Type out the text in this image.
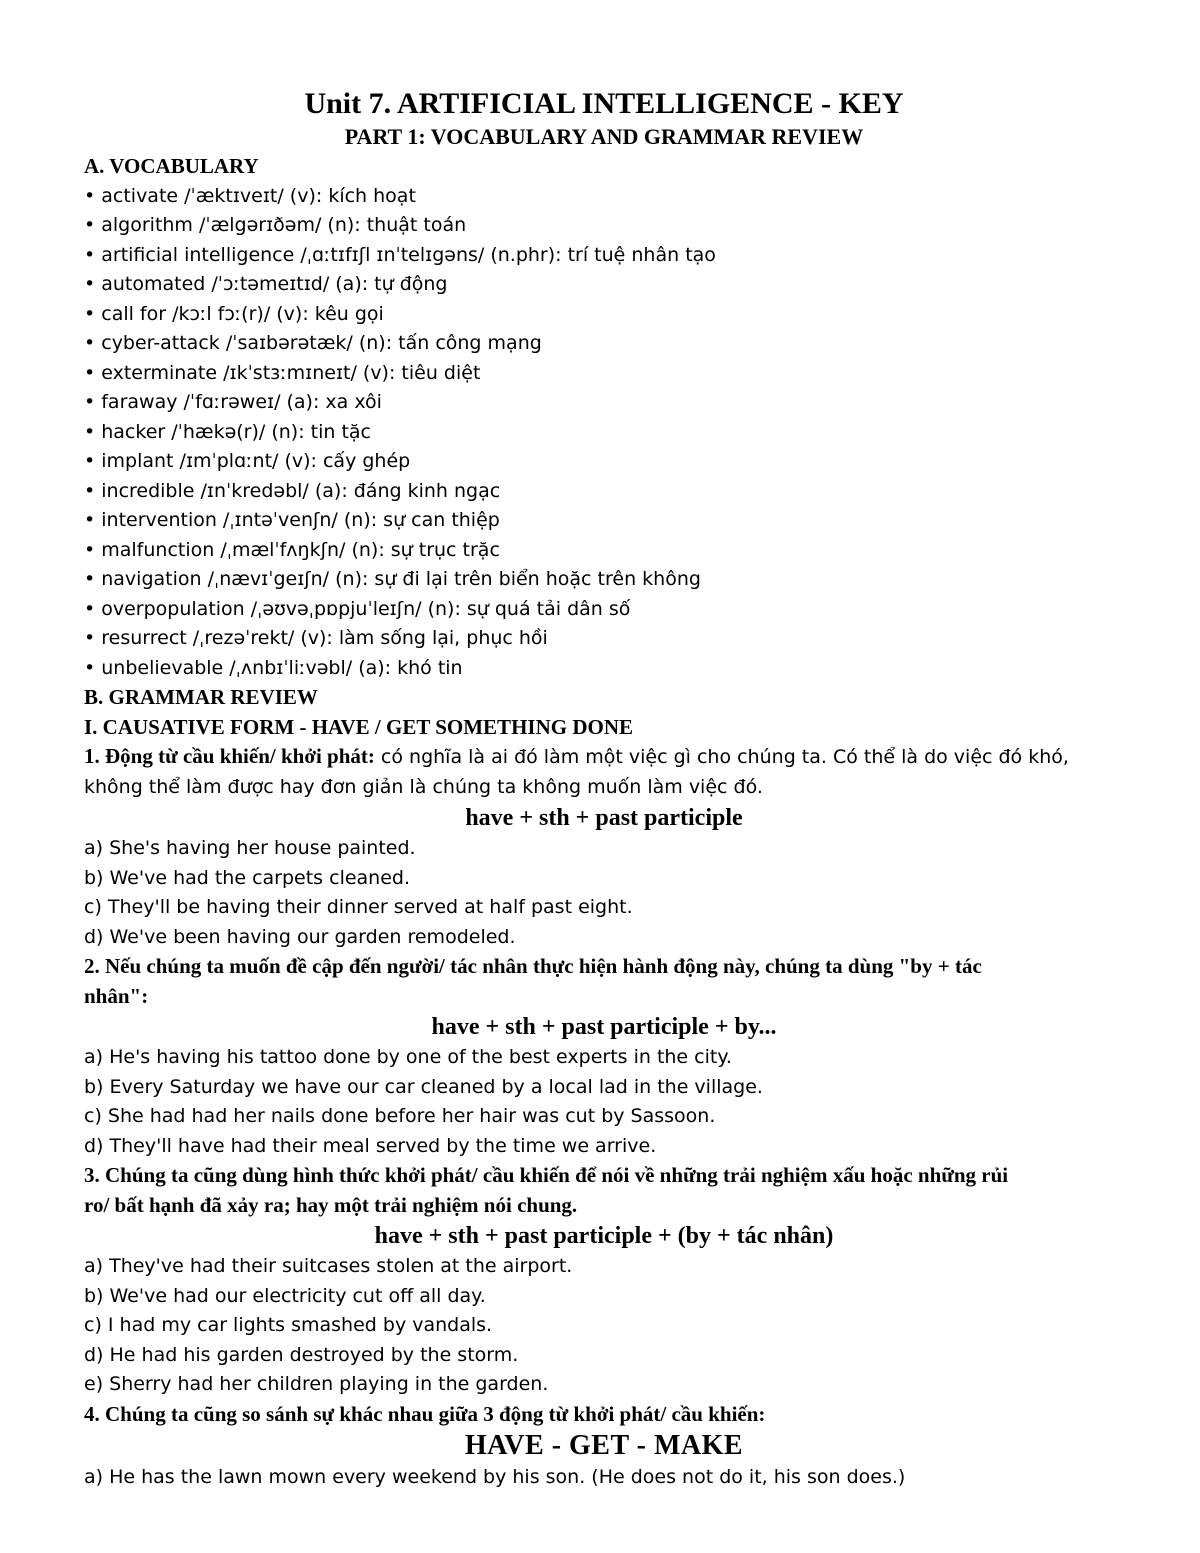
Unit 7. ARTIFICIAL INTELLIGENCE - KEY
PART 1: VOCABULARY AND GRAMMAR REVIEW
A. VOCABULARY
• activate /ˈæktɪveɪt/ (v): kích hoạt
• algorithm /ˈælgərɪðəm/ (n): thuật toán
• artificial intelligence /ˌɑːtɪfɪʃl ɪnˈtelɪgəns/ (n.phr): trí tuệ nhân tạo
• automated /ˈɔːtəmeɪtɪd/ (a): tự động
• call for /kɔːl fɔː(r)/ (v): kêu gọi
• cyber-attack /ˈsaɪbərətæk/ (n): tấn công mạng
• exterminate /ɪkˈstɜːmɪneɪt/ (v): tiêu diệt
• faraway /ˈfɑːrəweɪ/ (a): xa xôi
• hacker /ˈhækə(r)/ (n): tin tặc
• implant /ɪmˈplɑːnt/ (v): cấy ghép
• incredible /ɪnˈkredəbl/ (a): đáng kinh ngạc
• intervention /ˌɪntəˈvenʃn/ (n): sự can thiệp
• malfunction /ˌmælˈfʌŋkʃn/ (n): sự trục trặc
• navigation /ˌnævɪˈgeɪʃn/ (n): sự đi lại trên biển hoặc trên không
• overpopulation /ˌəʊvəˌpɒpjuˈleɪʃn/ (n): sự quá tải dân số
• resurrect /ˌrezəˈrekt/ (v): làm sống lại, phục hồi
• unbelievable /ˌʌnbɪˈliːvəbl/ (a): khó tin
B. GRAMMAR REVIEW
I. CAUSATIVE FORM - HAVE / GET SOMETHING DONE

1. Động từ cầu khiến/ khởi phát: có nghĩa là ai đó làm một việc gì cho chúng ta. Có thể là do việc đó khó,

không thể làm được hay đơn giản là chúng ta không muốn làm việc đó.

have + sth + past participle
a) She's having her house painted.
b) We've had the carpets cleaned.
c) They'll be having their dinner served at half past eight.
d) We've been having our garden remodeled.
2. Nếu chúng ta muốn đề cập đến người/ tác nhân thực hiện hành động này, chúng ta dùng "by + tác
nhân":
have + sth + past participle + by...
a) He's having his tattoo done by one of the best experts in the city.
b) Every Saturday we have our car cleaned by a local lad in the village.
c) She had had her nails done before her hair was cut by Sassoon.
d) They'll have had their meal served by the time we arrive.
3. Chúng ta cũng dùng hình thức khởi phát/ cầu khiến để nói về những trải nghiệm xấu hoặc những rủi
ro/ bất hạnh đã xảy ra; hay một trải nghiệm nói chung.
have + sth + past participle + (by + tác nhân)
a) They've had their suitcases stolen at the airport.
b) We've had our electricity cut off all day.
c) I had my car lights smashed by vandals.
d) He had his garden destroyed by the storm.
e) Sherry had her children playing in the garden.
4. Chúng ta cũng so sánh sự khác nhau giữa 3 động từ khởi phát/ cầu khiến:
HAVE - GET - MAKE
a) He has the lawn mown every weekend by his son. (He does not do it, his son does.)
